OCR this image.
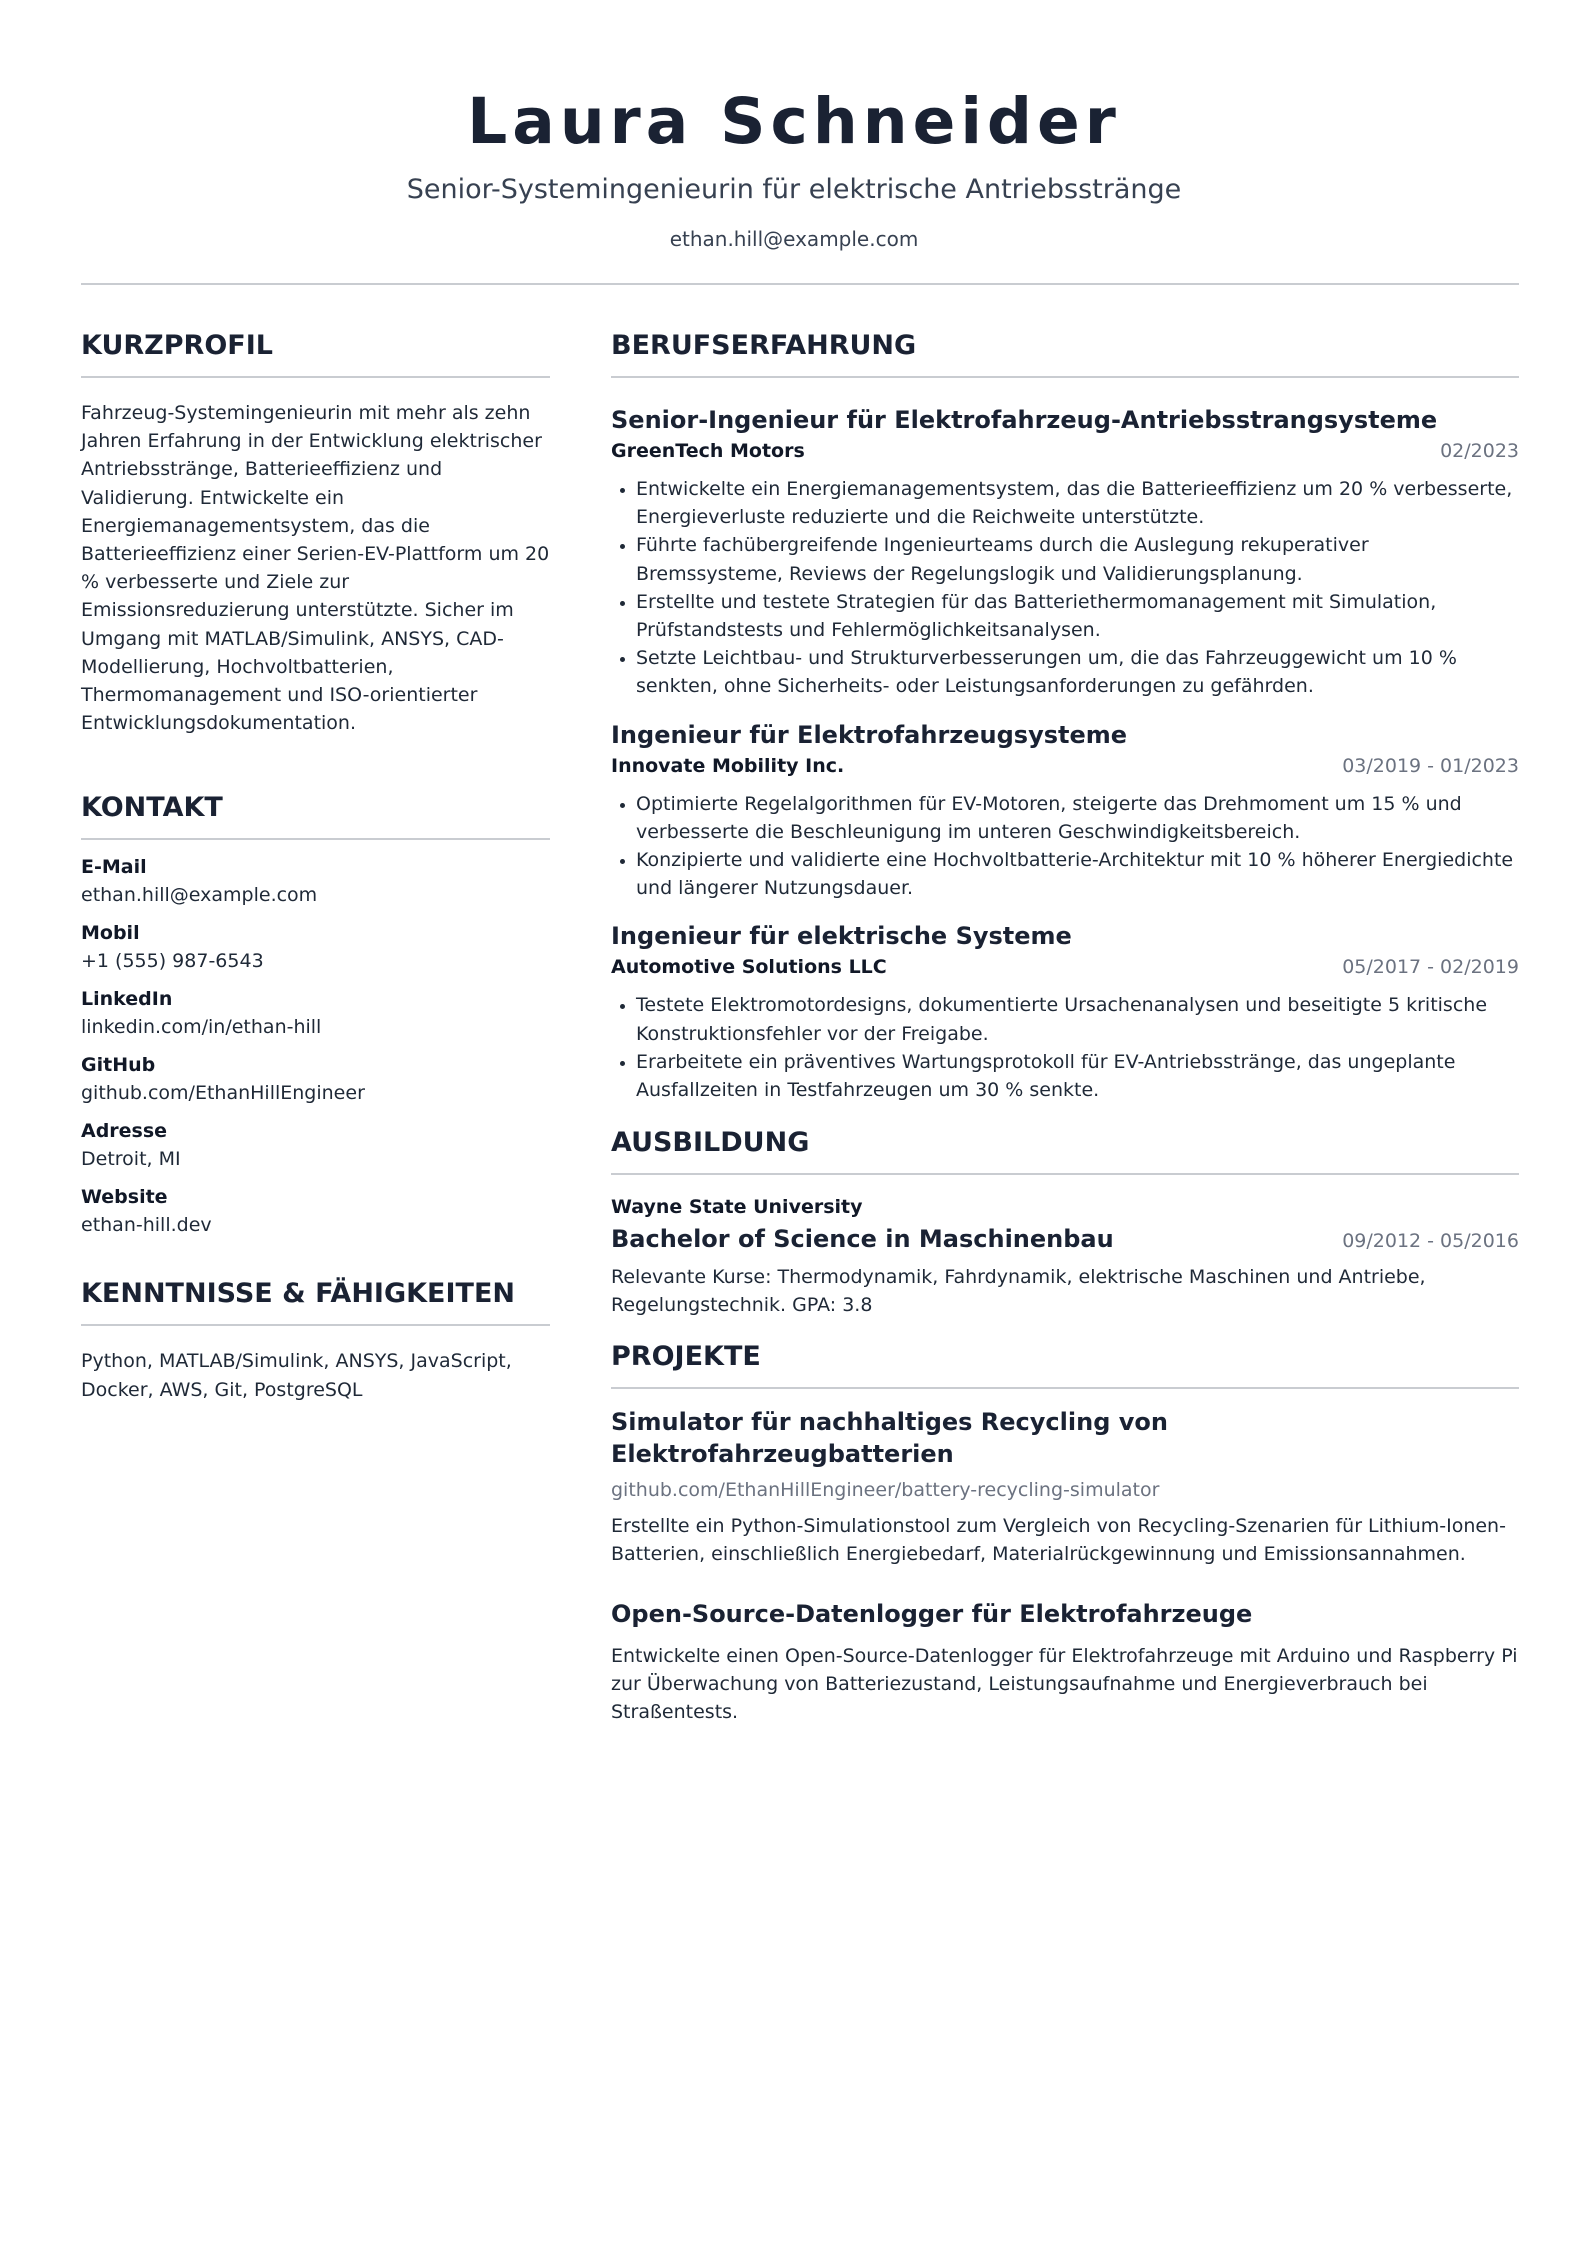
Laura Schneider
Senior-Systemingenieurin für elektrische Antriebsstränge
ethan.hill@example.com
KURZPROFIL
Fahrzeug-Systemingenieurin mit mehr als zehn Jahren Erfahrung in der Entwicklung elektrischer Antriebsstränge, Batterieeffizienz und Validierung. Entwickelte ein Energiemanagementsystem, das die Batterieeffizienz einer Serien-EV-Plattform um 20 % verbesserte und Ziele zur Emissionsreduzierung unterstützte. Sicher im Umgang mit MATLAB/Simulink, ANSYS, CAD-Modellierung, Hochvoltbatterien, Thermomanagement und ISO-orientierter Entwicklungsdokumentation.
KONTAKT
E-Mail
ethan.hill@example.com
Mobil
+1 (555) 987-6543
LinkedIn
linkedin.com/in/ethan-hill
GitHub
github.com/EthanHillEngineer
Adresse
Detroit, MI
Website
ethan-hill.dev
KENNTNISSE & FÄHIGKEITEN
Python, MATLAB/Simulink, ANSYS, JavaScript, Docker, AWS, Git, PostgreSQL
BERUFSERFAHRUNG
Senior-Ingenieur für Elektrofahrzeug-Antriebsstrangsysteme
GreenTech Motors	02/2023
Entwickelte ein Energiemanagementsystem, das die Batterieeffizienz um 20 % verbesserte, Energieverluste reduzierte und die Reichweite unterstützte.
Führte fachübergreifende Ingenieurteams durch die Auslegung rekuperativer Bremssysteme, Reviews der Regelungslogik und Validierungsplanung.
Erstellte und testete Strategien für das Batteriethermomanagement mit Simulation, Prüfstandstests und Fehlermöglichkeitsanalysen.
Setzte Leichtbau- und Strukturverbesserungen um, die das Fahrzeuggewicht um 10 % senkten, ohne Sicherheits- oder Leistungsanforderungen zu gefährden.
Ingenieur für Elektrofahrzeugsysteme
Innovate Mobility Inc.	03/2019 - 01/2023
Optimierte Regelalgorithmen für EV-Motoren, steigerte das Drehmoment um 15 % und verbesserte die Beschleunigung im unteren Geschwindigkeitsbereich.
Konzipierte und validierte eine Hochvoltbatterie-Architektur mit 10 % höherer Energiedichte und längerer Nutzungsdauer.
Ingenieur für elektrische Systeme
Automotive Solutions LLC	05/2017 - 02/2019
Testete Elektromotordesigns, dokumentierte Ursachenanalysen und beseitigte 5 kritische Konstruktionsfehler vor der Freigabe.
Erarbeitete ein präventives Wartungsprotokoll für EV-Antriebsstränge, das ungeplante Ausfallzeiten in Testfahrzeugen um 30 % senkte.
AUSBILDUNG
Wayne State University
Bachelor of Science in Maschinenbau	09/2012 - 05/2016
Relevante Kurse: Thermodynamik, Fahrdynamik, elektrische Maschinen und Antriebe, Regelungstechnik. GPA: 3.8
PROJEKTE
Simulator für nachhaltiges Recycling von Elektrofahrzeugbatterien
github.com/EthanHillEngineer/battery-recycling-simulator
Erstellte ein Python-Simulationstool zum Vergleich von Recycling-Szenarien für Lithium-Ionen-Batterien, einschließlich Energiebedarf, Materialrückgewinnung und Emissionsannahmen.
Open-Source-Datenlogger für Elektrofahrzeuge
Entwickelte einen Open-Source-Datenlogger für Elektrofahrzeuge mit Arduino und Raspberry Pi zur Überwachung von Batteriezustand, Leistungsaufnahme und Energieverbrauch bei Straßentests.
